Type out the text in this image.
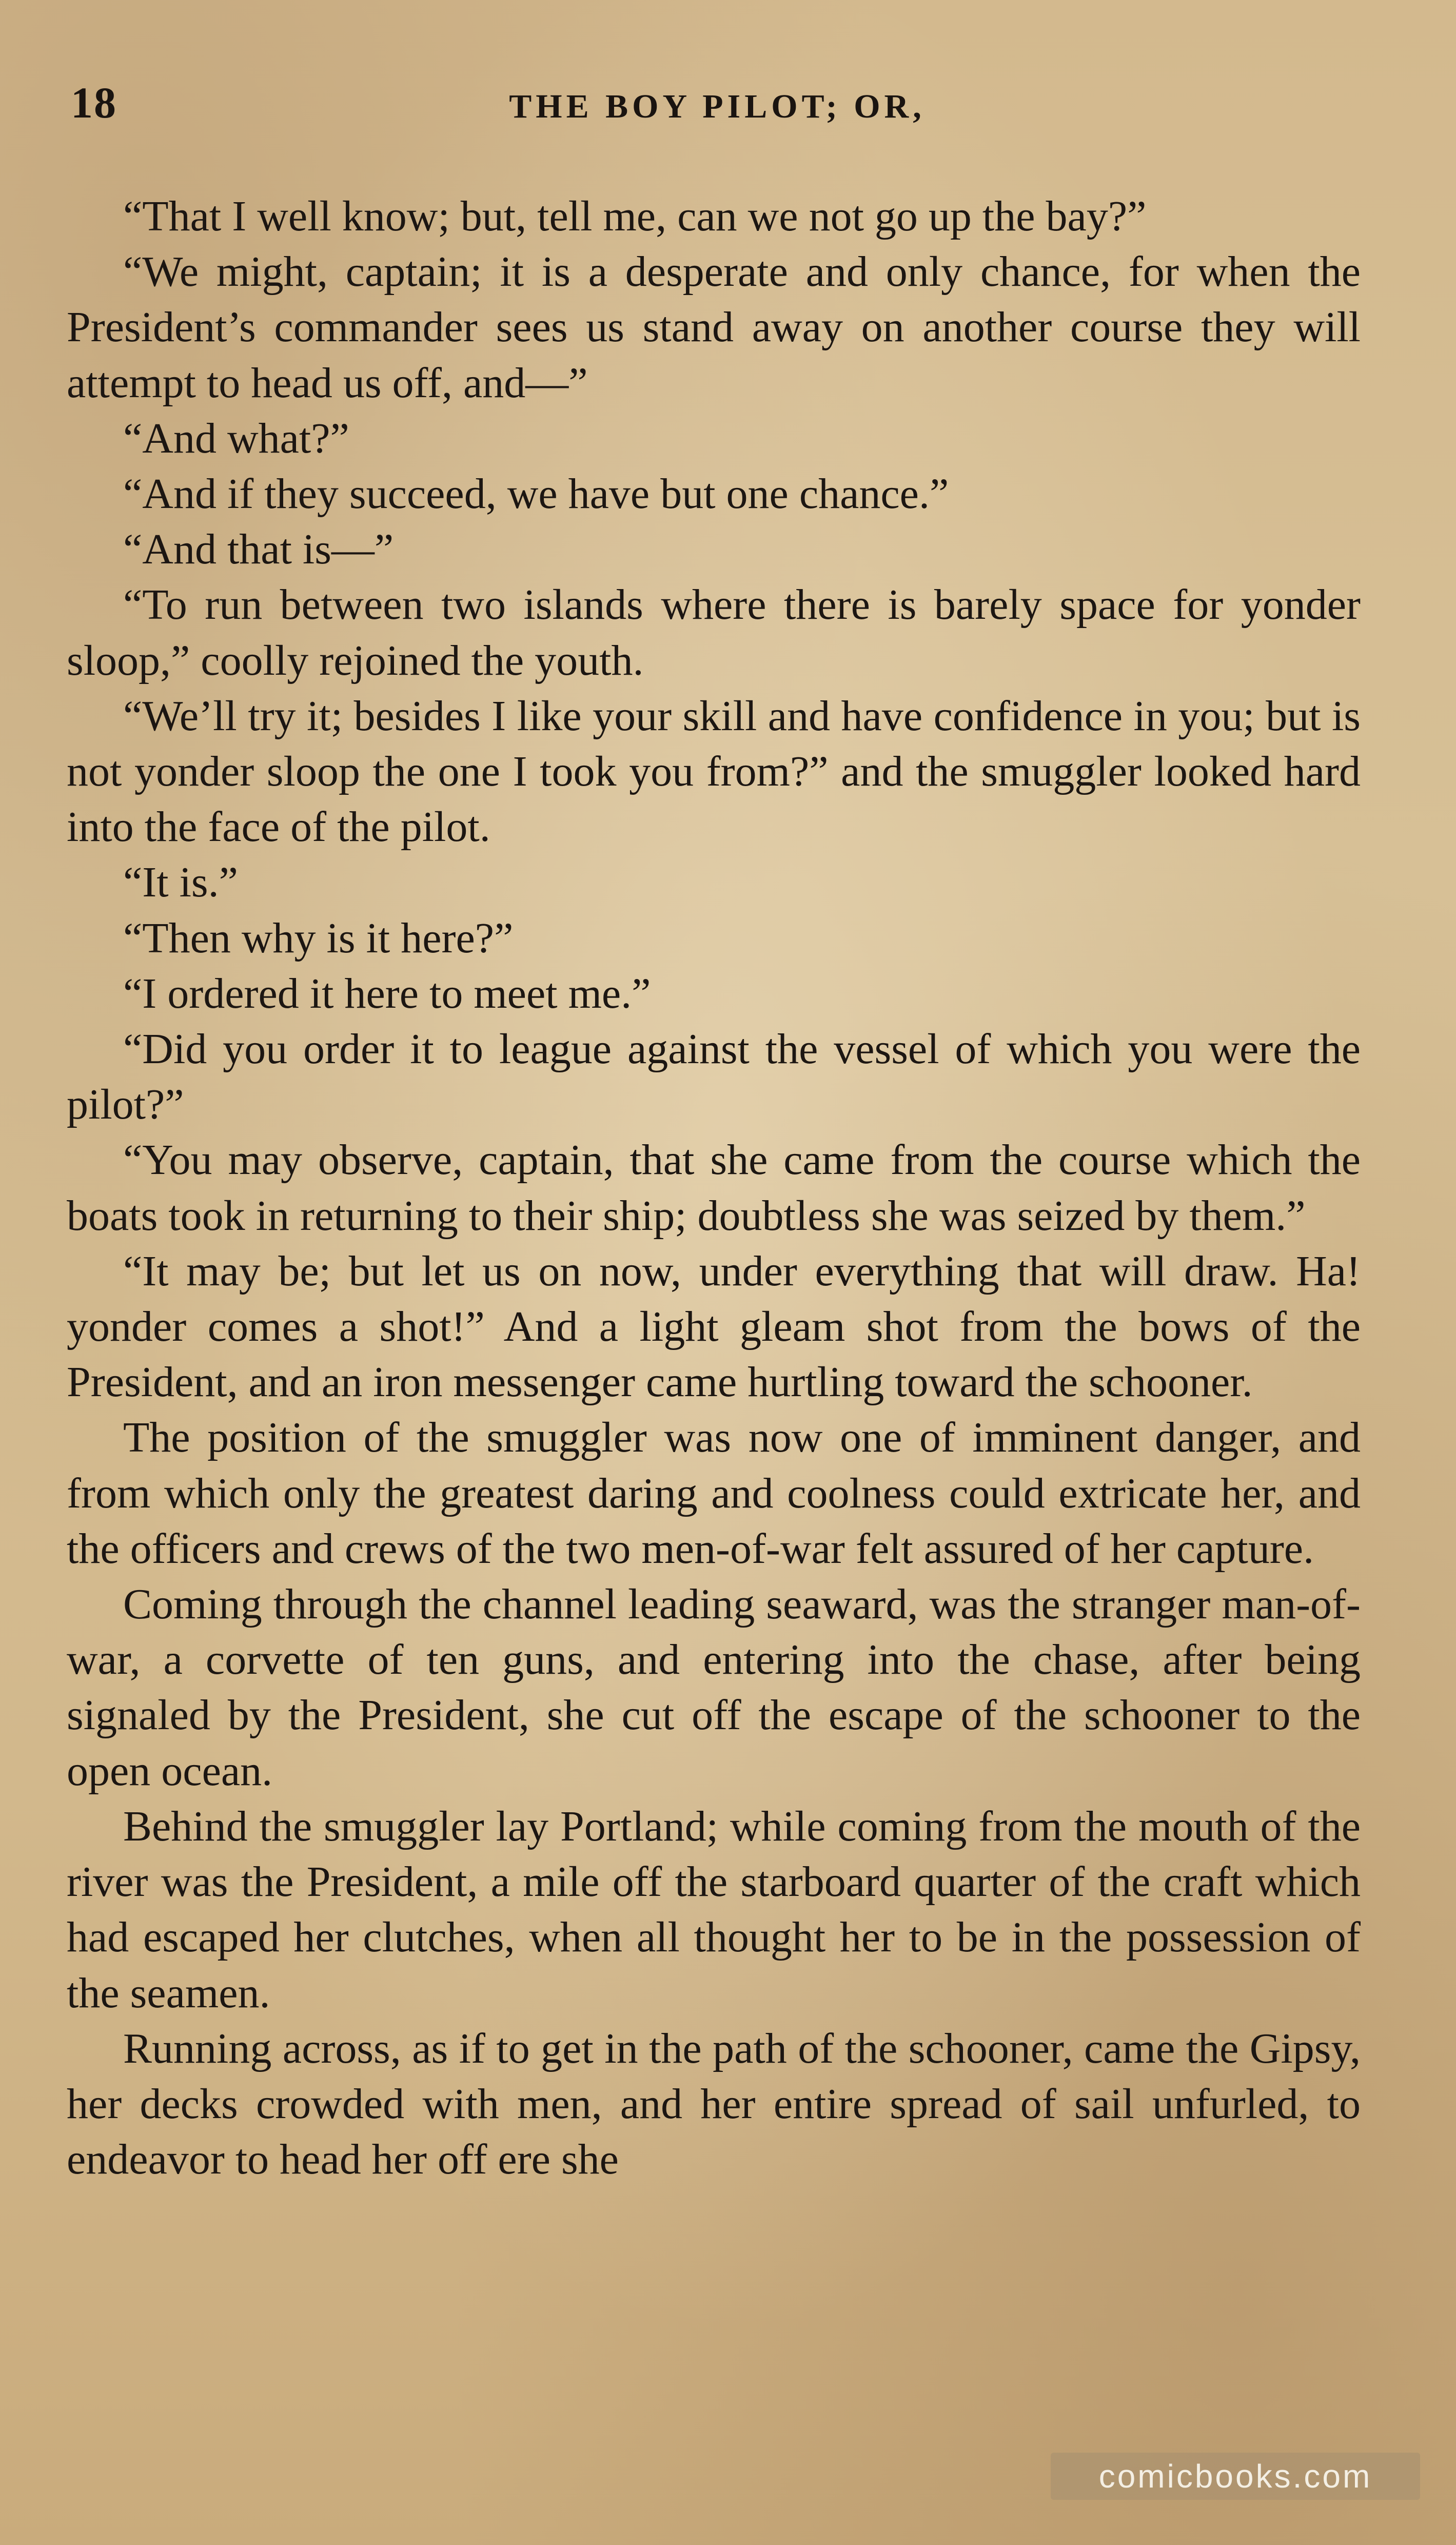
18	THE BOY PILOT; OR,

“That I well know; but, tell me, can we not go up the bay?”

“We might, captain; it is a desperate and only chance, for when the President’s commander sees us stand away on another course they will attempt to head us off, and—”

“And what?”

“And if they succeed, we have but one chance.”

“And that is—”

“To run between two islands where there is barely space for yonder sloop,” coolly rejoined the youth.

“We’ll try it; besides I like your skill and have confidence in you; but is not yonder sloop the one I took you from?” and the smuggler looked hard into the face of the pilot.

“It is.”

“Then why is it here?”

“I ordered it here to meet me.”

“Did you order it to league against the vessel of which you were the pilot?”

“You may observe, captain, that she came from the course which the boats took in returning to their ship; doubtless she was seized by them.”

“It may be; but let us on now, under everything that will draw. Ha! yonder comes a shot!” And a light gleam shot from the bows of the President, and an iron messenger came hurtling toward the schooner.

The position of the smuggler was now one of imminent danger, and from which only the greatest daring and coolness could extricate her, and the officers and crews of the two men-of-war felt assured of her capture.

Coming through the channel leading seaward, was the stranger man-of-war, a corvette of ten guns, and entering into the chase, after being signaled by the President, she cut off the escape of the schooner to the open ocean.

Behind the smuggler lay Portland; while coming from the mouth of the river was the President, a mile off the starboard quarter of the craft which had escaped her clutches, when all thought her to be in the possession of the seamen.

Running across, as if to get in the path of the schooner, came the Gipsy, her decks crowded with men, and her entire spread of sail unfurled, to endeavor to head her off ere she

comicbooks.com
